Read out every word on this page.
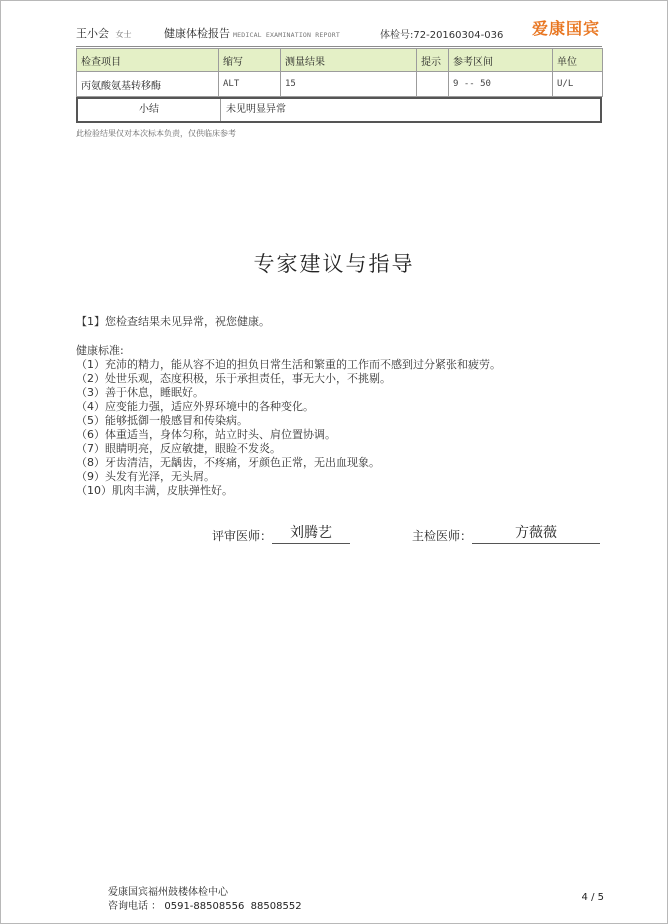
王小会 女士	健康体检报告 MEDICAL EXAMINATION REPORT	体检号:72-20160304-036 爱康国宾
检查项目	缩写	测量结果	提示	参考区间	单位
丙氨酸氨基转移酶	ALT	15		9 -- 50	U/L
小结	未见明显异常
此检验结果仅对本次标本负责，仅供临床参考
专家建议与指导
【1】您检查结果未见异常，祝您健康。
健康标准:
（1）充沛的精力，能从容不迫的担负日常生活和繁重的工作而不感到过分紧张和疲劳。
（2）处世乐观，态度积极，乐于承担责任，事无大小，不挑剔。
（3）善于休息，睡眠好。
（4）应变能力强，适应外界环境中的各种变化。
（5）能够抵御一般感冒和传染病。
（6）体重适当，身体匀称，站立时头、肩位置协调。
（7）眼睛明亮，反应敏捷，眼睑不发炎。
（8）牙齿清洁，无龋齿，不疼痛，牙颜色正常，无出血现象。
（9）头发有光泽，无头屑。
（10）肌肉丰满，皮肤弹性好。
评审医师： 刘腾艺	主检医师：	方薇薇
爱康国宾福州鼓楼体检中心
咨询电话 ： 0591-88508556  88508552
4 / 5
